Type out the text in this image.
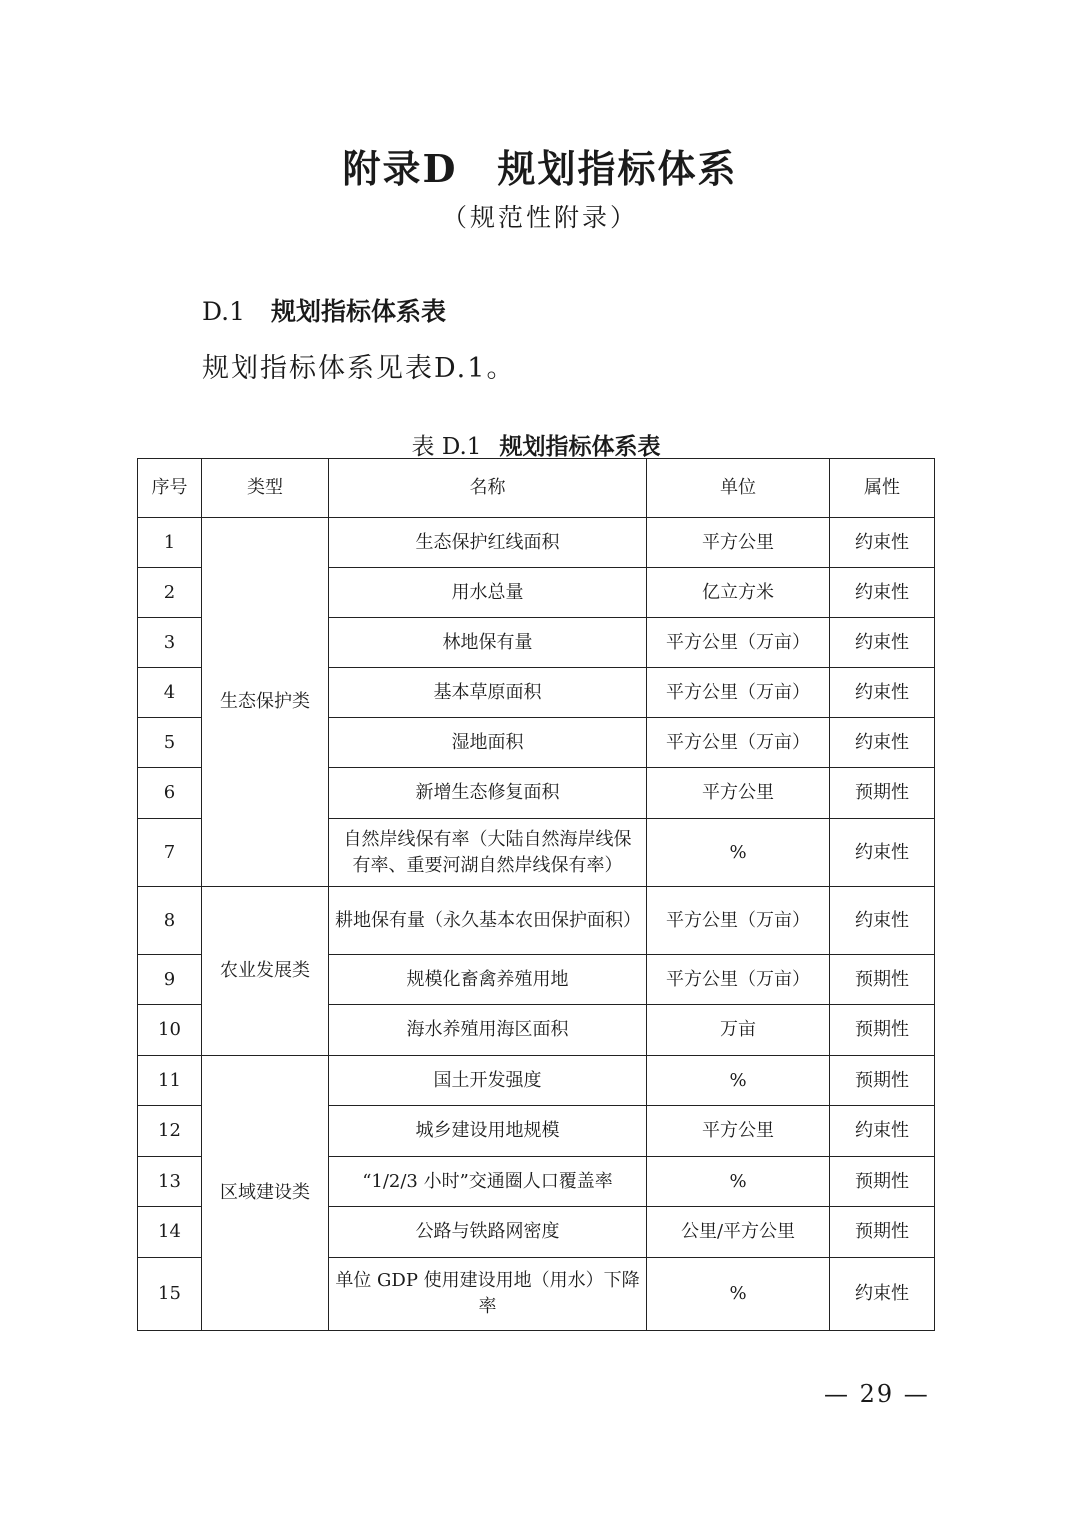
附录D　规划指标体系
（规范性附录）
D.1 规划指标体系表
规划指标体系见表D.1。
表 D.1 规划指标体系表
序号	类型	名称	单位	属性
1	生态保护类	生态保护红线面积	平方公里	约束性
2		用水总量	亿立方米	约束性
3		林地保有量	平方公里（万亩）	约束性
4		基本草原面积	平方公里（万亩）	约束性
5		湿地面积	平方公里（万亩）	约束性
6		新增生态修复面积	平方公里	预期性
7		自然岸线保有率（大陆自然海岸线保有率、重要河湖自然岸线保有率）	%	约束性
8	农业发展类	耕地保有量（永久基本农田保护面积）	平方公里（万亩）	约束性
9		规模化畜禽养殖用地	平方公里（万亩）	预期性
10		海水养殖用海区面积	万亩	预期性
11	区域建设类	国土开发强度	%	预期性
12		城乡建设用地规模	平方公里	约束性
13		“1/2/3 小时”交通圈人口覆盖率	%	预期性
14		公路与铁路网密度	公里/平方公里	预期性
15		单位 GDP 使用建设用地（用水）下降率	%	约束性
— 29 —
